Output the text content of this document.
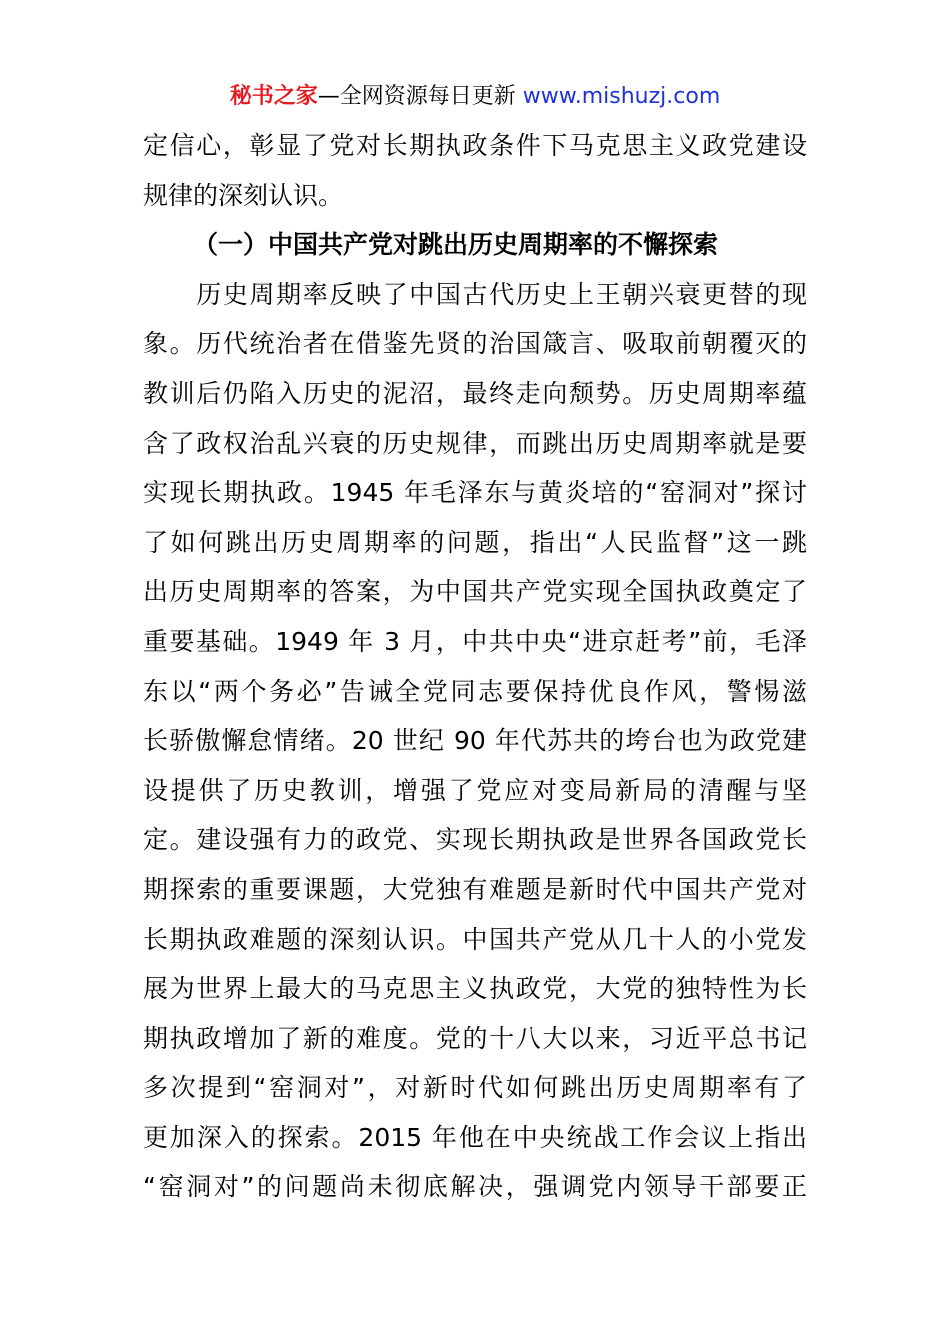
秘书之家—全网资源每日更新 www.mishuzj.com
定信心，彰显了党对长期执政条件下马克思主义政党建设
规律的深刻认识。
（一）中国共产党对跳出历史周期率的不懈探索
　　历史周期率反映了中国古代历史上王朝兴衰更替的现
象。历代统治者在借鉴先贤的治国箴言、吸取前朝覆灭的
教训后仍陷入历史的泥沼，最终走向颓势。历史周期率蕴
含了政权治乱兴衰的历史规律，而跳出历史周期率就是要
实现长期执政。1945 年毛泽东与黄炎培的“窑洞对”探讨
了如何跳出历史周期率的问题，指出“人民监督”这一跳
出历史周期率的答案，为中国共产党实现全国执政奠定了
重要基础。1949 年 3 月，中共中央“进京赶考”前，毛泽
东以“两个务必”告诫全党同志要保持优良作风，警惕滋
长骄傲懈怠情绪。20 世纪 90 年代苏共的垮台也为政党建
设提供了历史教训，增强了党应对变局新局的清醒与坚
定。建设强有力的政党、实现长期执政是世界各国政党长
期探索的重要课题，大党独有难题是新时代中国共产党对
长期执政难题的深刻认识。中国共产党从几十人的小党发
展为世界上最大的马克思主义执政党，大党的独特性为长
期执政增加了新的难度。党的十八大以来，习近平总书记
多次提到“窑洞对”，对新时代如何跳出历史周期率有了
更加深入的探索。2015 年他在中央统战工作会议上指出
“窑洞对”的问题尚未彻底解决，强调党内领导干部要正
